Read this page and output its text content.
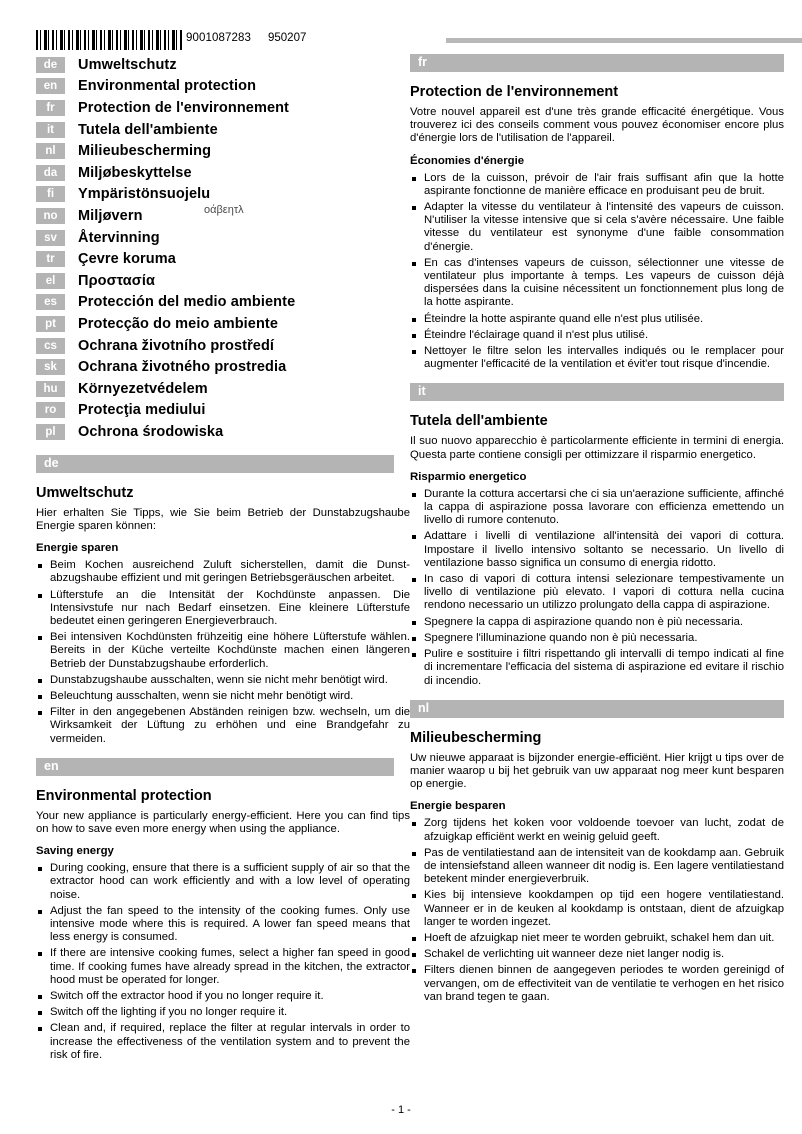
9001087283 950207
de	Umweltschutz
en	Environmental protection
fr	Protection de l'environnement
it	Tutela dell'ambiente
nl	Milieubescherming
da	Miljøbeskyttelse
fi	Ympäristönsuojelu
no	Miljøvern
sv	Återvinning
tr	Çevre koruma
el	Προστασία
es	Protección del medio ambiente
pt	Protecção do meio ambiente
cs	Ochrana životního prostředí
sk	Ochrana životného prostredia
hu	Környezetvédelem
ro	Protecţia mediului
pl	Ochrona środowiska
οάβεητλ
de
Umweltschutz

Hier erhalten Sie Tipps, wie Sie beim Betrieb der Dunstabzugshaube Energie sparen können:

Energie sparen
Beim Kochen ausreichend Zuluft sicherstellen, damit die Dunstabzugshaube effizient und mit geringen Betriebsgeräuschen arbeitet.
Lüfterstufe an die Intensität der Kochdünste anpassen. Die Intensivstufe nur nach Bedarf einsetzen. Eine kleinere Lüfterstufe bedeutet einen geringeren Energieverbrauch.
Bei intensiven Kochdünsten frühzeitig eine höhere Lüfterstufe wählen. Bereits in der Küche verteilte Kochdünste machen einen längeren Betrieb der Dunstabzugshaube erforderlich.
Dunstabzugshaube ausschalten, wenn sie nicht mehr benötigt wird.
Beleuchtung ausschalten, wenn sie nicht mehr benötigt wird.
Filter in den angegebenen Abständen reinigen bzw. wechseln, um die Wirksamkeit der Lüftung zu erhöhen und eine Brandgefahr zu vermeiden.
en
Environmental protection

Your new appliance is particularly energy-efficient. Here you can find tips on how to save even more energy when using the appliance.

Saving energy
During cooking, ensure that there is a sufficient supply of air so that the extractor hood can work efficiently and with a low level of operating noise.
Adjust the fan speed to the intensity of the cooking fumes. Only use intensive mode where this is required. A lower fan speed means that less energy is consumed.
If there are intensive cooking fumes, select a higher fan speed in good time. If cooking fumes have already spread in the kitchen, the extractor hood must be operated for longer.
Switch off the extractor hood if you no longer require it.
Switch off the lighting if you no longer require it.
Clean and, if required, replace the filter at regular intervals in order to increase the effectiveness of the ventilation system and to prevent the risk of fire.
fr
Protection de l'environnement

Votre nouvel appareil est d'une très grande efficacité énergétique. Vous trouverez ici des conseils comment vous pouvez économiser encore plus d'énergie lors de l'utilisation de l'appareil.

Économies d'énergie
Lors de la cuisson, prévoir de l'air frais suffisant afin que la hotte aspirante fonctionne de manière efficace en produisant peu de bruit.
Adapter la vitesse du ventilateur à l'intensité des vapeurs de cuisson. N'utiliser la vitesse intensive que si cela s'avère nécessaire. Une faible vitesse du ventilateur est synonyme d'une faible consommation d'énergie.
En cas d'intenses vapeurs de cuisson, sélectionner une vitesse de ventilateur plus importante à temps. Les vapeurs de cuisson déjà dispersées dans la cuisine nécessitent un fonctionnement plus long de la hotte aspirante.
Éteindre la hotte aspirante quand elle n'est plus utilisée.
Éteindre l'éclairage quand il n'est plus utilisé.
Nettoyer le filtre selon les intervalles indiqués ou le remplacer pour augmenter l'efficacité de la ventilation et évit'er tout risque d'incendie.
it
Tutela dell'ambiente

Il suo nuovo apparecchio è particolarmente efficiente in termini di energia. Questa parte contiene consigli per ottimizzare il risparmio energetico.

Risparmio energetico
Durante la cottura accertarsi che ci sia un'aerazione sufficiente, affinché la cappa di aspirazione possa lavorare con efficienza emettendo un livello di rumore contenuto.
Adattare i livelli di ventilazione all'intensità dei vapori di cottura. Impostare il livello intensivo soltanto se necessario. Un livello di ventilazione basso significa un consumo di energia ridotto.
In caso di vapori di cottura intensi selezionare tempestivamente un livello di ventilazione più elevato. I vapori di cottura nella cucina rendono necessario un utilizzo prolungato della cappa di aspirazione.
Spegnere la cappa di aspirazione quando non è più necessaria.
Spegnere l'illuminazione quando non è più necessaria.
Pulire e sostituire i filtri rispettando gli intervalli di tempo indicati al fine di incrementare l'efficacia del sistema di aspirazione ed evitare il rischio di incendio.
nl
Milieubescherming

Uw nieuwe apparaat is bijzonder energie-efficiënt. Hier krijgt u tips over de manier waarop u bij het gebruik van uw apparaat nog meer kunt besparen op energie.

Energie besparen
Zorg tijdens het koken voor voldoende toevoer van lucht, zodat de afzuigkap efficiënt werkt en weinig geluid geeft.
Pas de ventilatiestand aan de intensiteit van de kookdamp aan. Gebruik de intensiefstand alleen wanneer dit nodig is. Een lagere ventilatiestand betekent minder energieverbruik.
Kies bij intensieve kookdampen op tijd een hogere ventilatiestand. Wanneer er in de keuken al kookdamp is ontstaan, dient de afzuigkap langer te worden ingezet.
Hoeft de afzuigkap niet meer te worden gebruikt, schakel hem dan uit.
Schakel de verlichting uit wanneer deze niet langer nodig is.
Filters dienen binnen de aangegeven periodes te worden gereinigd of vervangen, om de effectiviteit van de ventilatie te verhogen en het risico van brand tegen te gaan.
- 1 -
